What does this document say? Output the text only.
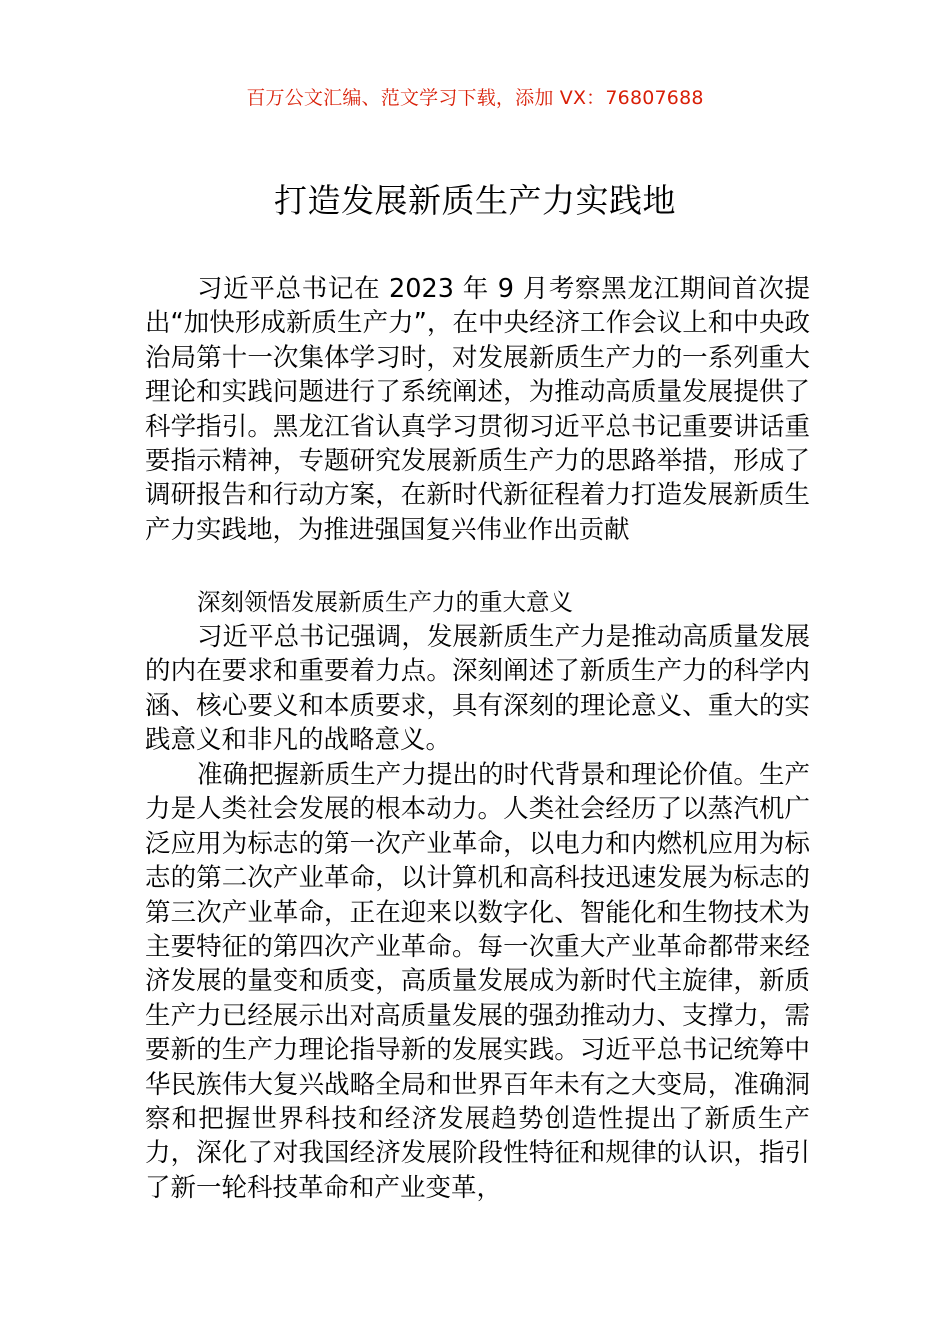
百万公文汇编、范文学习下载，添加 VX：76807688
打造发展新质生产力实践地

习近平总书记在 2023 年 9 月考察黑龙江期间首次提出“加快形成新质生产力”，在中央经济工作会议上和中央政治局第十一次集体学习时，对发展新质生产力的一系列重大理论和实践问题进行了系统阐述，为推动高质量发展提供了科学指引。黑龙江省认真学习贯彻习近平总书记重要讲话重要指示精神，专题研究发展新质生产力的思路举措，形成了调研报告和行动方案，在新时代新征程着力打造发展新质生产力实践地，为推进强国复兴伟业作出贡献

深刻领悟发展新质生产力的重大意义

习近平总书记强调，发展新质生产力是推动高质量发展的内在要求和重要着力点。深刻阐述了新质生产力的科学内涵、核心要义和本质要求，具有深刻的理论意义、重大的实践意义和非凡的战略意义。

准确把握新质生产力提出的时代背景和理论价值。生产力是人类社会发展的根本动力。人类社会经历了以蒸汽机广泛应用为标志的第一次产业革命，以电力和内燃机应用为标志的第二次产业革命，以计算机和高科技迅速发展为标志的第三次产业革命，正在迎来以数字化、智能化和生物技术为主要特征的第四次产业革命。每一次重大产业革命都带来经济发展的量变和质变，高质量发展成为新时代主旋律，新质生产力已经展示出对高质量发展的强劲推动力、支撑力，需要新的生产力理论指导新的发展实践。习近平总书记统筹中华民族伟大复兴战略全局和世界百年未有之大变局，准确洞察和把握世界科技和经济发展趋势创造性提出了新质生产力，深化了对我国经济发展阶段性特征和规律的认识，指引了新一轮科技革命和产业变革，
